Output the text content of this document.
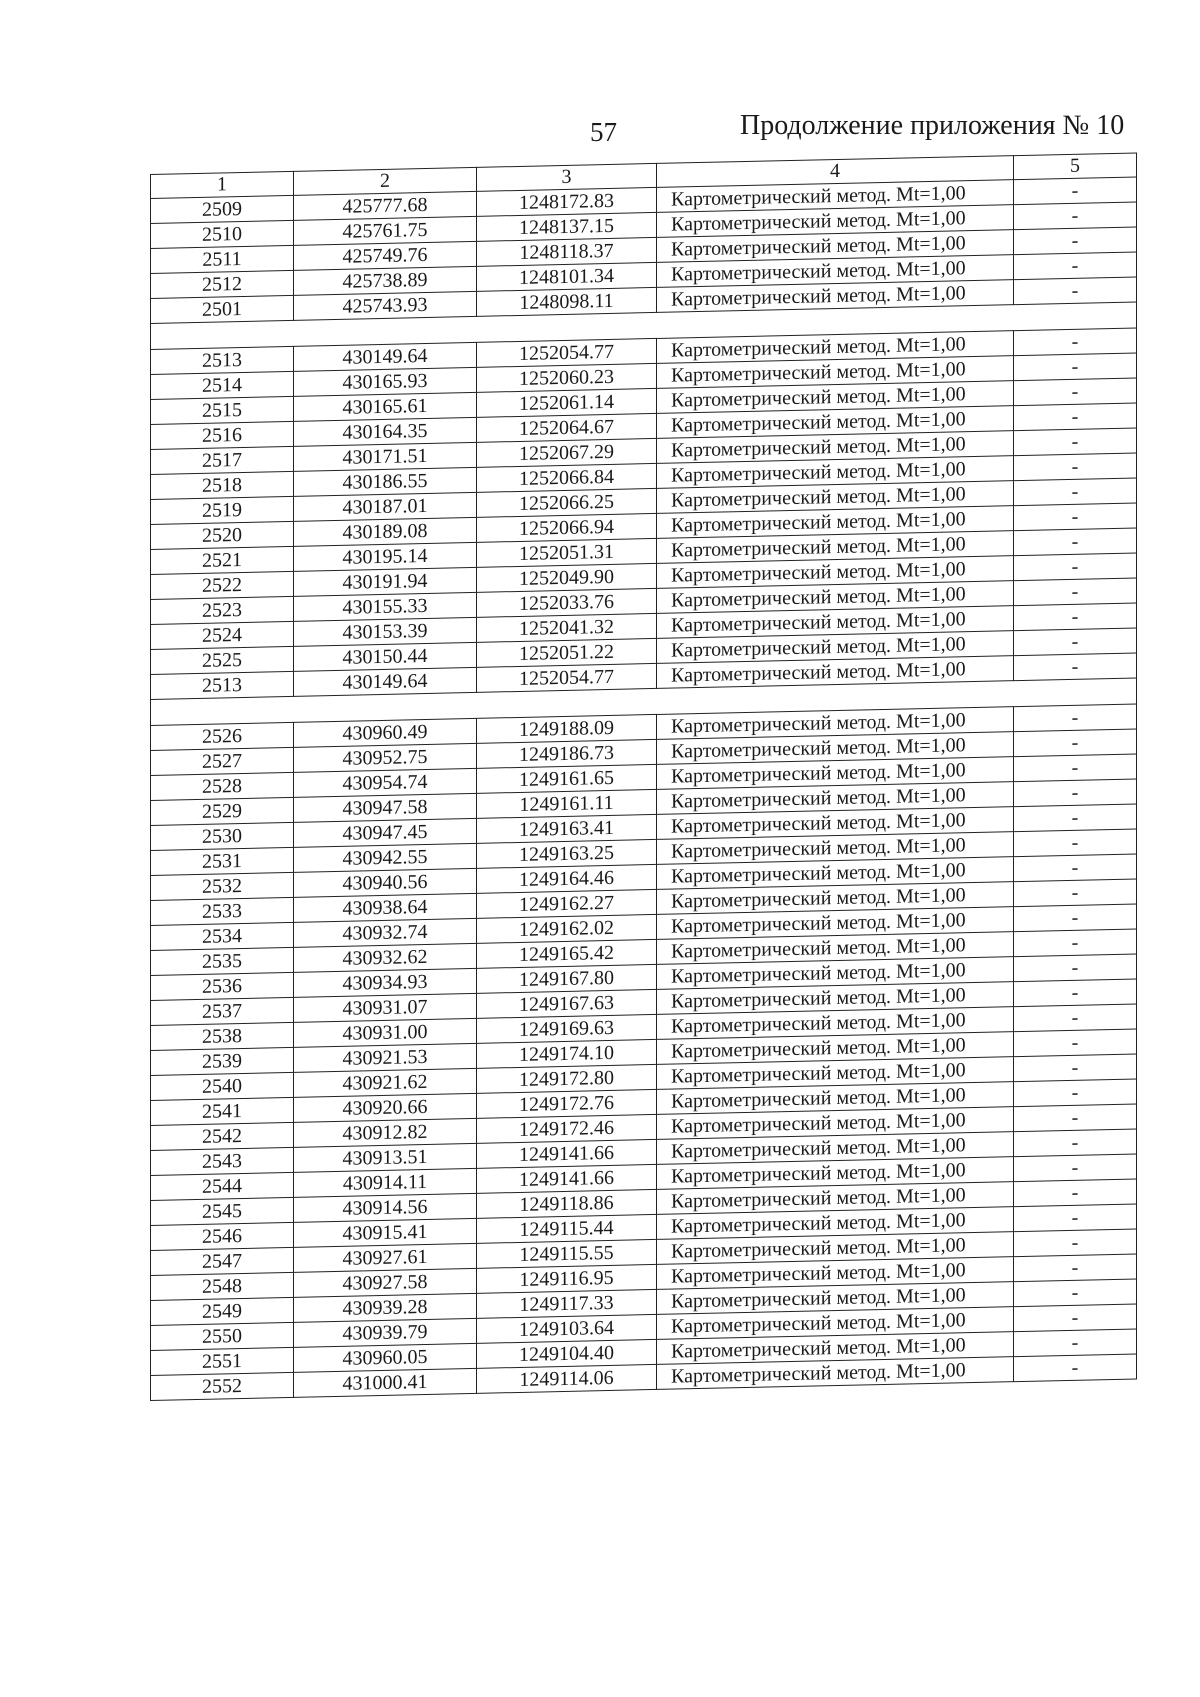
57	Продолжение приложения № 10
1	2	3	4	5
2509	425777.68	1248172.83	Картометрический метод. Mt=1,00	-
2510	425761.75	1248137.15	Картометрический метод. Mt=1,00	-
2511	425749.76	1248118.37	Картометрический метод. Mt=1,00	-
2512	425738.89	1248101.34	Картометрический метод. Mt=1,00	-
2501	425743.93	1248098.11	Картометрический метод. Mt=1,00	-

2513	430149.64	1252054.77	Картометрический метод. Mt=1,00	-
2514	430165.93	1252060.23	Картометрический метод. Mt=1,00	-
2515	430165.61	1252061.14	Картометрический метод. Mt=1,00	-
2516	430164.35	1252064.67	Картометрический метод. Mt=1,00	-
2517	430171.51	1252067.29	Картометрический метод. Mt=1,00	-
2518	430186.55	1252066.84	Картометрический метод. Mt=1,00	-
2519	430187.01	1252066.25	Картометрический метод. Mt=1,00	-
2520	430189.08	1252066.94	Картометрический метод. Mt=1,00	-
2521	430195.14	1252051.31	Картометрический метод. Mt=1,00	-
2522	430191.94	1252049.90	Картометрический метод. Mt=1,00	-
2523	430155.33	1252033.76	Картометрический метод. Mt=1,00	-
2524	430153.39	1252041.32	Картометрический метод. Mt=1,00	-
2525	430150.44	1252051.22	Картометрический метод. Mt=1,00	-
2513	430149.64	1252054.77	Картометрический метод. Mt=1,00	-

2526	430960.49	1249188.09	Картометрический метод. Mt=1,00	-
2527	430952.75	1249186.73	Картометрический метод. Mt=1,00	-
2528	430954.74	1249161.65	Картометрический метод. Mt=1,00	-
2529	430947.58	1249161.11	Картометрический метод. Mt=1,00	-
2530	430947.45	1249163.41	Картометрический метод. Mt=1,00	-
2531	430942.55	1249163.25	Картометрический метод. Mt=1,00	-
2532	430940.56	1249164.46	Картометрический метод. Mt=1,00	-
2533	430938.64	1249162.27	Картометрический метод. Mt=1,00	-
2534	430932.74	1249162.02	Картометрический метод. Mt=1,00	-
2535	430932.62	1249165.42	Картометрический метод. Mt=1,00	-
2536	430934.93	1249167.80	Картометрический метод. Mt=1,00	-
2537	430931.07	1249167.63	Картометрический метод. Mt=1,00	-
2538	430931.00	1249169.63	Картометрический метод. Mt=1,00	-
2539	430921.53	1249174.10	Картометрический метод. Mt=1,00	-
2540	430921.62	1249172.80	Картометрический метод. Mt=1,00	-
2541	430920.66	1249172.76	Картометрический метод. Mt=1,00	-
2542	430912.82	1249172.46	Картометрический метод. Mt=1,00	-
2543	430913.51	1249141.66	Картометрический метод. Mt=1,00	-
2544	430914.11	1249141.66	Картометрический метод. Mt=1,00	-
2545	430914.56	1249118.86	Картометрический метод. Mt=1,00	-
2546	430915.41	1249115.44	Картометрический метод. Mt=1,00	-
2547	430927.61	1249115.55	Картометрический метод. Mt=1,00	-
2548	430927.58	1249116.95	Картометрический метод. Mt=1,00	-
2549	430939.28	1249117.33	Картометрический метод. Mt=1,00	-
2550	430939.79	1249103.64	Картометрический метод. Mt=1,00	-
2551	430960.05	1249104.40	Картометрический метод. Mt=1,00	-
2552	431000.41	1249114.06	Картометрический метод. Mt=1,00	-
